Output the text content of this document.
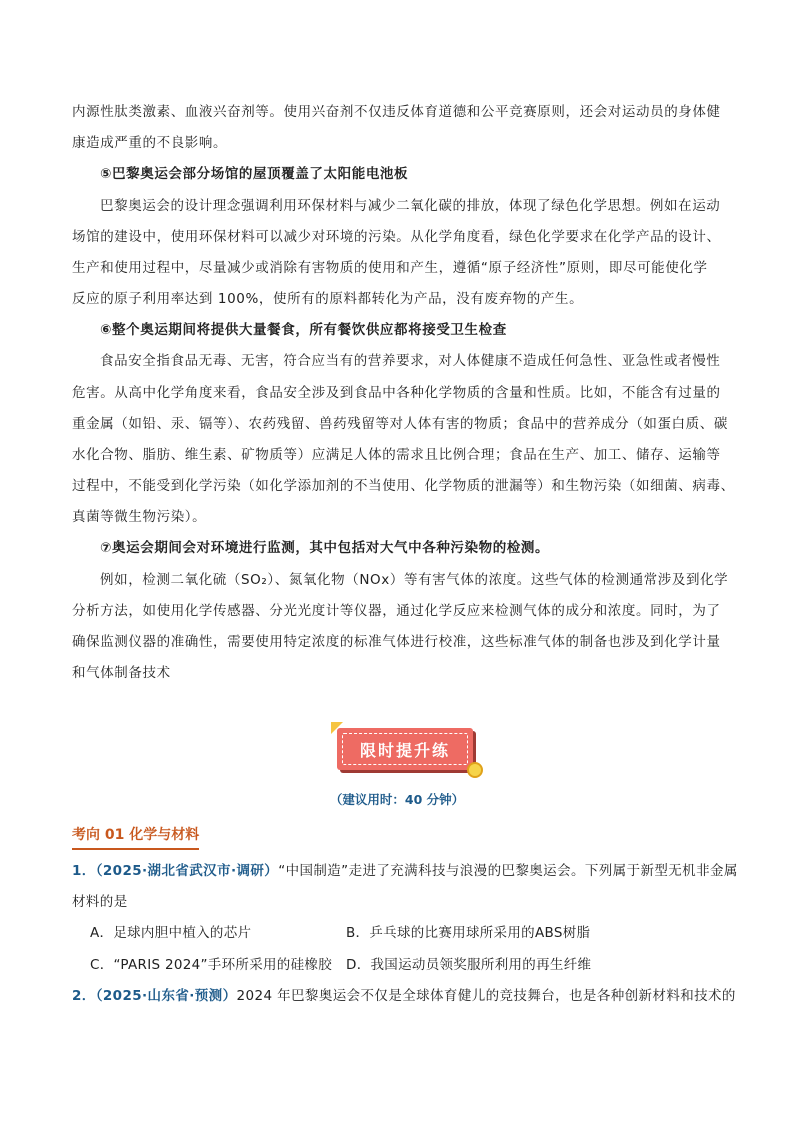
内源性肽类激素、血液兴奋剂等。使用兴奋剂不仅违反体育道德和公平竞赛原则，还会对运动员的身体健
康造成严重的不良影响。
⑤巴黎奥运会部分场馆的屋顶覆盖了太阳能电池板
巴黎奥运会的设计理念强调利用环保材料与减少二氧化碳的排放，体现了绿色化学思想。例如在运动
场馆的建设中，使用环保材料可以减少对环境的污染。从化学角度看，绿色化学要求在化学产品的设计、
生产和使用过程中，尽量减少或消除有害物质的使用和产生，遵循“原子经济性”原则，即尽可能使化学
反应的原子利用率达到 100%，使所有的原料都转化为产品，没有废弃物的产生。
⑥整个奥运期间将提供大量餐食，所有餐饮供应都将接受卫生检查
食品安全指食品无毒、无害，符合应当有的营养要求，对人体健康不造成任何急性、亚急性或者慢性
危害。从高中化学角度来看，食品安全涉及到食品中各种化学物质的含量和性质。比如，不能含有过量的
重金属（如铅、汞、镉等）、农药残留、兽药残留等对人体有害的物质；食品中的营养成分（如蛋白质、碳
水化合物、脂肪、维生素、矿物质等）应满足人体的需求且比例合理；食品在生产、加工、储存、运输等
过程中，不能受到化学污染（如化学添加剂的不当使用、化学物质的泄漏等）和生物污染（如细菌、病毒、
真菌等微生物污染）。
⑦奥运会期间会对环境进行监测，其中包括对大气中各种污染物的检测。
例如，检测二氧化硫（SO₂）、氮氧化物（NOx）等有害气体的浓度。这些气体的检测通常涉及到化学
分析方法，如使用化学传感器、分光光度计等仪器，通过化学反应来检测气体的成分和浓度。同时，为了
确保监测仪器的准确性，需要使用特定浓度的标准气体进行校准，这些标准气体的制备也涉及到化学计量
和气体制备技术
限时提升练
（建议用时：40 分钟）
考向 01 化学与材料
1．（2025·湖北省武汉市·调研）“中国制造”走进了充满科技与浪漫的巴黎奥运会。下列属于新型无机非金属
材料的是
A．足球内胆中植入的芯片	B．乒乓球的比赛用球所采用的ABS树脂
C．“PARIS 2024”手环所采用的硅橡胶 D．我国运动员领奖服所利用的再生纤维
2．（2025·山东省·预测）2024 年巴黎奥运会不仅是全球体育健儿的竞技舞台，也是各种创新材料和技术的
